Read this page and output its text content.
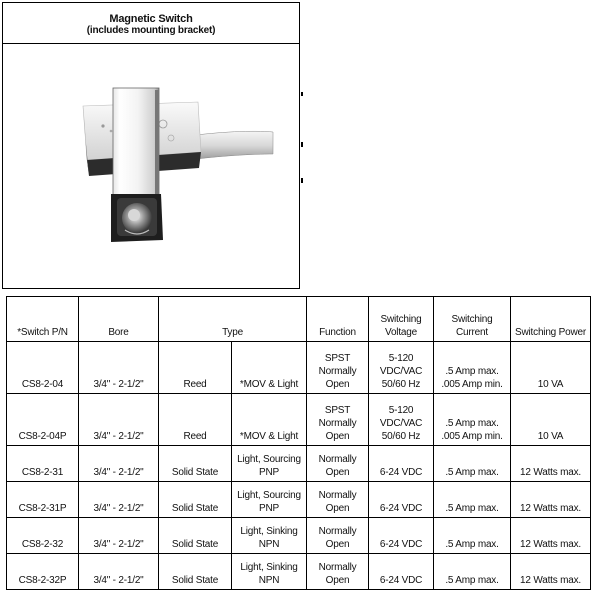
Magnetic Switch
(includes mounting bracket)
*Switch P/N	Bore	Type		Function	Switching Voltage	Switching Current	Switching Power
CS8-2-04	3/4" - 2-1/2"	Reed	*MOV & Light	SPST Normally Open	5-120 VDC/VAC 50/60 Hz	.5 Amp max. .005 Amp min.	10 VA
CS8-2-04P	3/4" - 2-1/2"	Reed	*MOV & Light	SPST Normally Open	5-120 VDC/VAC 50/60 Hz	.5 Amp max. .005 Amp min.	10 VA
CS8-2-31	3/4" - 2-1/2"	Solid State	Light, Sourcing PNP	Normally Open	6-24 VDC	.5 Amp max.	12 Watts max.
CS8-2-31P	3/4" - 2-1/2"	Solid State	Light, Sourcing PNP	Normally Open	6-24 VDC	.5 Amp max.	12 Watts max.
CS8-2-32	3/4" - 2-1/2"	Solid State	Light, Sinking NPN	Normally Open	6-24 VDC	.5 Amp max.	12 Watts max.
CS8-2-32P	3/4" - 2-1/2"	Solid State	Light, Sinking NPN	Normally Open	6-24 VDC	.5 Amp max.	12 Watts max.
